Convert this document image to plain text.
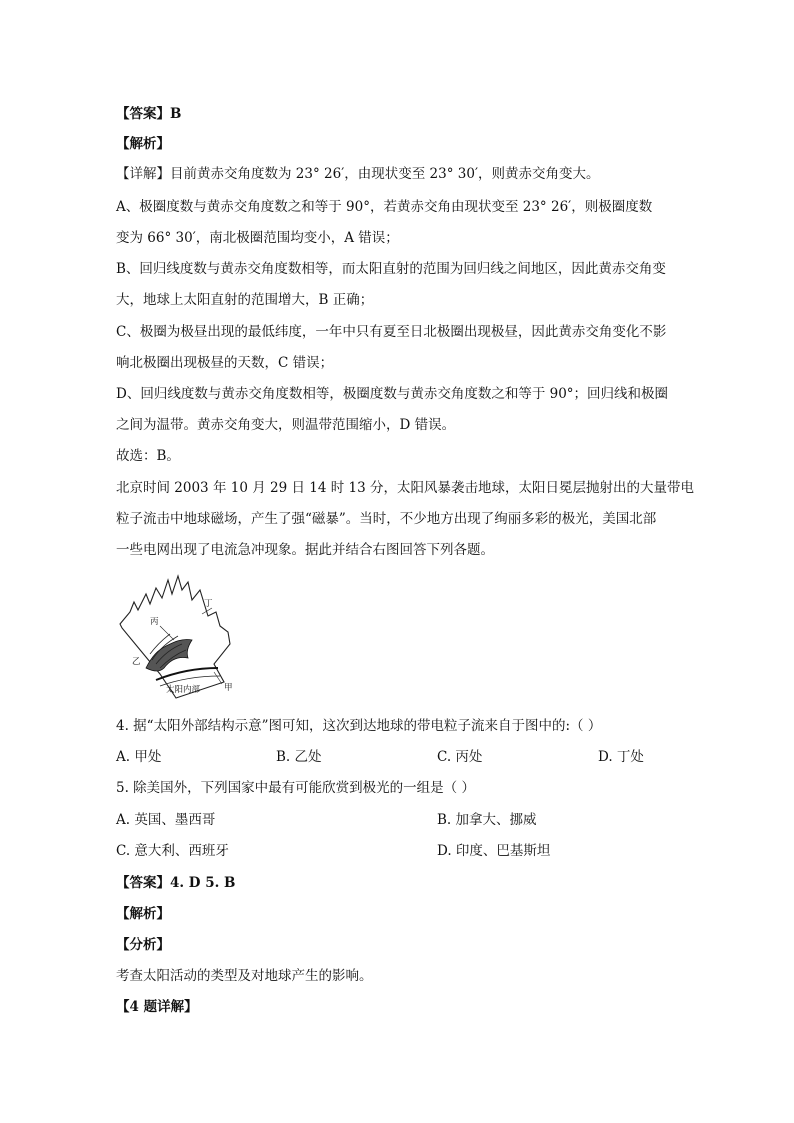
【答案】B
【解析】
【详解】目前黄赤交角度数为 23° 26′，由现状变至 23° 30′，则黄赤交角变大。
A、极圈度数与黄赤交角度数之和等于 90°，若黄赤交角由现状变至 23° 26′，则极圈度数
变为 66° 30′，南北极圈范围均变小，A 错误；
B、回归线度数与黄赤交角度数相等，而太阳直射的范围为回归线之间地区，因此黄赤交角变
大，地球上太阳直射的范围增大，B 正确；
C、极圈为极昼出现的最低纬度，一年中只有夏至日北极圈出现极昼，因此黄赤交角变化不影
响北极圈出现极昼的天数，C 错误；
D、回归线度数与黄赤交角度数相等，极圈度数与黄赤交角度数之和等于 90°；回归线和极圈
之间为温带。黄赤交角变大，则温带范围缩小，D 错误。
故选：B。
北京时间 2003 年 10 月 29 日 14 时 13 分，太阳风暴袭击地球，太阳日冕层抛射出的大量带电
粒子流击中地球磁场，产生了强“磁暴”。当时，不少地方出现了绚丽多彩的极光，美国北部
一些电网出现了电流急冲现象。据此并结合右图回答下列各题。
丁
丙
乙
甲
太阳内部
4. 据“太阳外部结构示意”图可知，这次到达地球的带电粒子流来自于图中的:（ ）
A. 甲处	B. 乙处	C. 丙处	D. 丁处
5. 除美国外，下列国家中最有可能欣赏到极光的一组是（ ）
A. 英国、墨西哥	B. 加拿大、挪威
C. 意大利、西班牙	D. 印度、巴基斯坦
【答案】4. D 5. B
【解析】
【分析】
考查太阳活动的类型及对地球产生的影响。
【4 题详解】
